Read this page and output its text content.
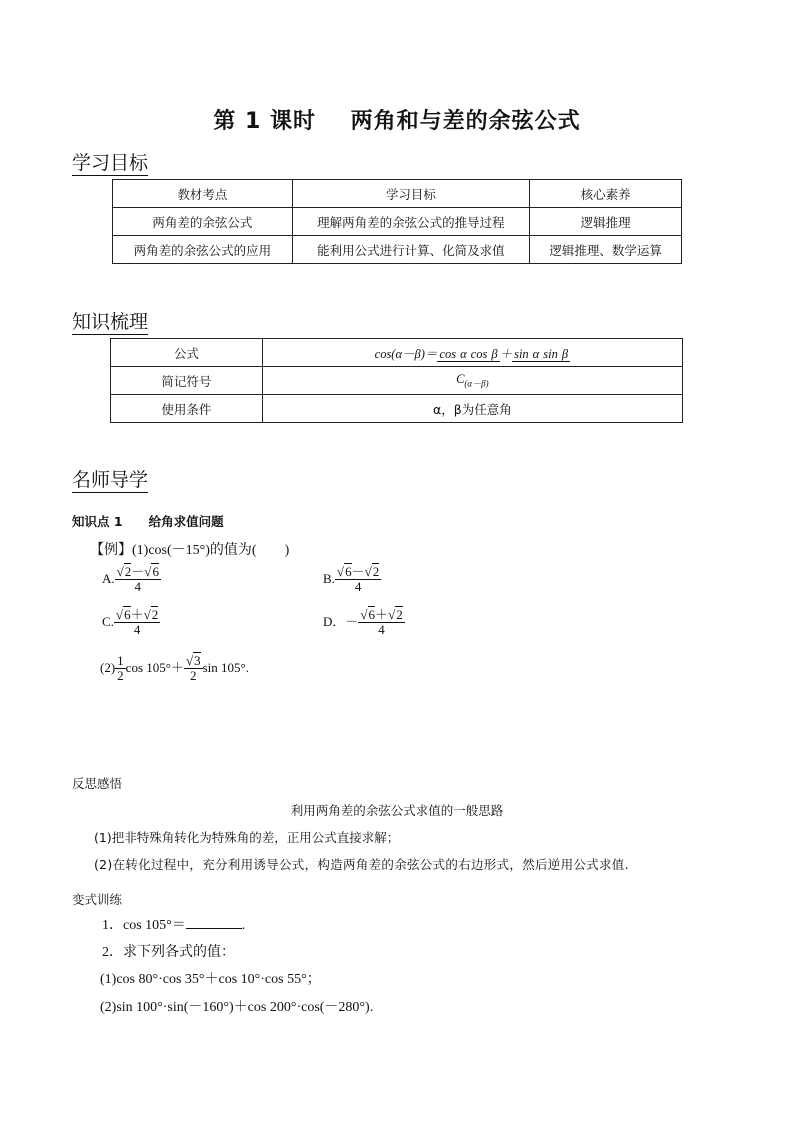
第 1 课时    两角和与差的余弦公式
学习目标
教材考点	学习目标	核心素养
两角差的余弦公式	理解两角差的余弦公式的推导过程	逻辑推理
两角差的余弦公式的应用	能利用公式进行计算、化简及求值	逻辑推理、数学运算
知识梳理
公式	cos(α－β)＝ cos α cos β ＋ sin α sin β
简记符号	$C_{(\alpha-\beta)}$
使用条件	α，β为任意角
名师导学
知识点 1 给角求值问题
【例】(1)cos(－15°)的值为(　　)
A. $\frac{√2-√6}{4}$	B. $\frac{√6-√2}{4}$
C. $\frac{√6+√2}{4}$	D．－ $\frac{√6+√2}{4}$
$(2) \frac{1}{2}$ $\cos 105^\circ+ \frac{√3}{2}$ sin 105°.
反思感悟
利用两角差的余弦公式求值的一般思路
(1)把非特殊角转化为特殊角的差，正用公式直接求解；
(2)在转化过程中，充分利用诱导公式，构造两角差的余弦公式的右边形式，然后逆用公式求值.
变式训练
1．cos 105°＝	.
2．求下列各式的值：
(1)cos 80°·cos 35°＋cos 10°·cos 55°；
(2)sin 100°·sin(－160°)＋cos 200°·cos(－280°).
